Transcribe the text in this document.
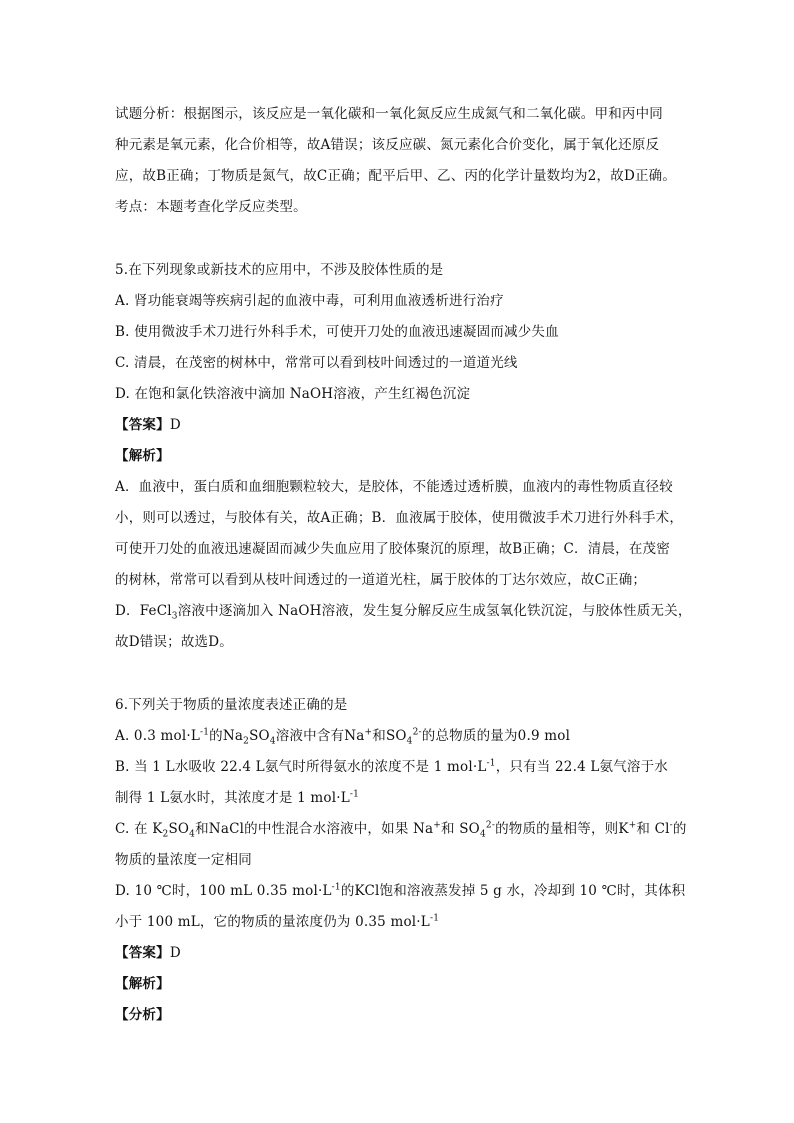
试题分析：根据图示，该反应是一氧化碳和一氧化氮反应生成氮气和二氧化碳。甲和丙中同
种元素是氧元素，化合价相等，故A错误；该反应碳、氮元素化合价变化，属于氧化还原反
应，故B正确；丁物质是氮气，故C正确；配平后甲、乙、丙的化学计量数均为2，故D正确。
考点：本题考查化学反应类型。
5.在下列现象或新技术的应用中，不涉及胶体性质的是
A. 肾功能衰竭等疾病引起的血液中毒，可利用血液透析进行治疗
B. 使用微波手术刀进行外科手术，可使开刀处的血液迅速凝固而减少失血
C. 清晨，在茂密的树林中，常常可以看到枝叶间透过的一道道光线
D. 在饱和氯化铁溶液中滴加 NaOH溶液，产生红褐色沉淀
【答案】D
【解析】
A．血液中，蛋白质和血细胞颗粒较大，是胶体，不能透过透析膜，血液内的毒性物质直径较
小，则可以透过，与胶体有关，故A正确；B．血液属于胶体，使用微波手术刀进行外科手术，
可使开刀处的血液迅速凝固而减少失血应用了胶体聚沉的原理，故B正确；C．清晨，在茂密
的树林，常常可以看到从枝叶间透过的一道道光柱，属于胶体的丁达尔效应，故C正确；
D．FeCl$_3$溶液中逐滴加入 NaOH溶液，发生复分解反应生成氢氧化铁沉淀，与胶体性质无关，
故D错误；故选D。
6.下列关于物质的量浓度表述正确的是
A. 0.3 $mol\cdot L^{-1}$的$Na_2SO_4$溶液中含有Na+和$SO_4^{2-}$的总物质的量为0.9 mol
B. 当 1 L水吸收 22.4 L氨气时所得氨水的浓度不是 1 $mol\cdot L^{-1}$，只有当 22.4 L氨气溶于水
制得 1 L氨水时，其浓度才是 1 $mol\cdot L^{-1}$
C. 在 $K_2SO_4$和NaCl的中性混合水溶液中，如果 Na+和 $SO_4^{2-}$的物质的量相等，则K+和 Cl-的
物质的量浓度一定相同
D. 10 ℃时，100 mL 0.35 $mol\cdot L^{-1}$的KCl饱和溶液蒸发掉 5 g 水，冷却到 10 ℃时，其体积
小于 100 mL，它的物质的量浓度仍为 0.35 $mol\cdot L^{-1}$
【答案】D
【解析】
【分析】
